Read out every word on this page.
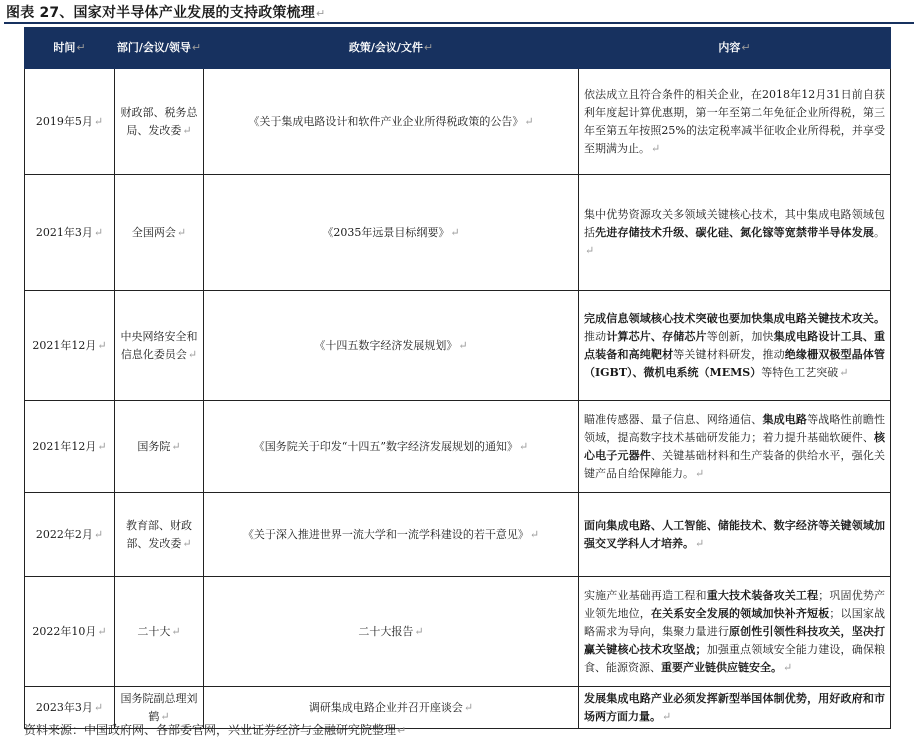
图表 27、国家对半导体产业发展的支持政策梳理↵
时间↵	部门/会议/领导↵	政策/会议/文件↵	内容↵
2019年5月↵	财政部、税务总局、发改委↵	《关于集成电路设计和软件产业企业所得税政策的公告》↵	依法成立且符合条件的相关企业，在2018年12月31日前自获利年度起计算优惠期，第一年至第二年免征企业所得税，第三年至第五年按照25%的法定税率减半征收企业所得税，并享受至期满为止。↵
2021年3月↵	全国两会↵	《2035年远景目标纲要》↵	集中优势资源攻关多领域关键核心技术，其中集成电路领域包括先进存储技术升级、碳化硅、氮化镓等宽禁带半导体发展。↵
2021年12月↵	中央网络安全和信息化委员会↵	《十四五数字经济发展规划》↵	完成信息领域核心技术突破也要加快集成电路关键技术攻关。推动计算芯片、存储芯片等创新，加快集成电路设计工具、重点装备和高纯靶材等关键材料研发，推动绝缘栅双极型晶体管（IGBT）、微机电系统（MEMS）等特色工艺突破↵
2021年12月↵	国务院↵	《国务院关于印发“十四五”数字经济发展规划的通知》↵	瞄准传感器、量子信息、网络通信、集成电路等战略性前瞻性领域，提高数字技术基础研发能力；着力提升基础软硬件、核心电子元器件、关键基础材料和生产装备的供给水平，强化关键产品自给保障能力。↵
2022年2月↵	教育部、财政部、发改委↵	《关于深入推进世界一流大学和一流学科建设的若干意见》↵	面向集成电路、人工智能、储能技术、数字经济等关键领域加强交叉学科人才培养。↵
2022年10月↵	二十大↵	二十大报告↵	实施产业基础再造工程和重大技术装备攻关工程；巩固优势产业领先地位，在关系安全发展的领域加快补齐短板；以国家战略需求为导向，集聚力量进行原创性引领性科技攻关，坚决打赢关键核心技术攻坚战；加强重点领域安全能力建设，确保粮食、能源资源、重要产业链供应链安全。↵
2023年3月↵	国务院副总理刘鹤↵	调研集成电路企业并召开座谈会↵	发展集成电路产业必须发挥新型举国体制优势，用好政府和市场两方面力量。↵
资料来源：中国政府网、各部委官网，兴业证券经济与金融研究院整理↵
